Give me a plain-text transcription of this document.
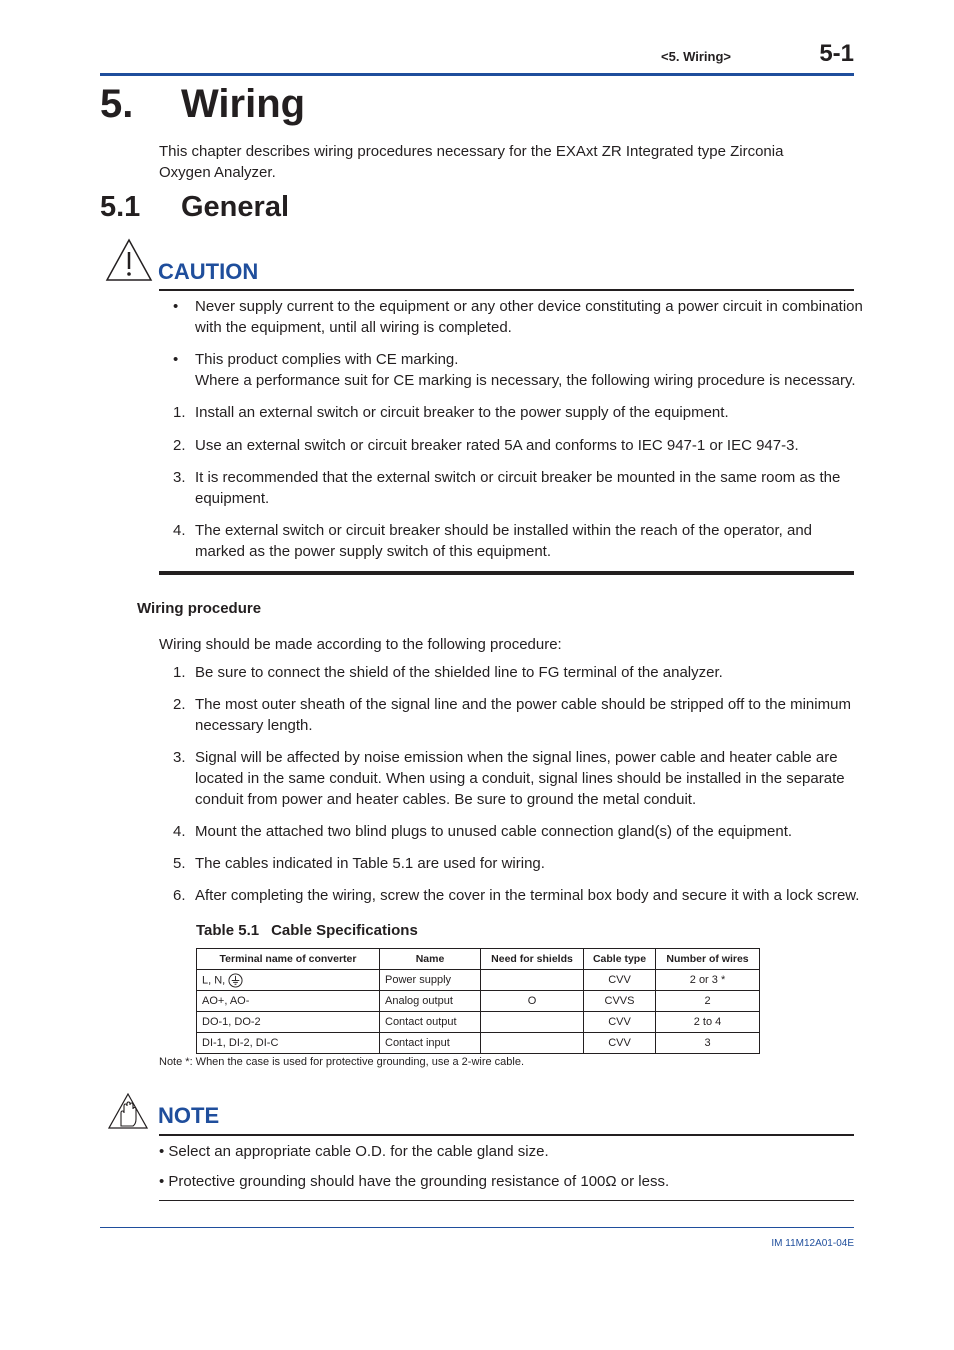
<5. Wiring>	5-1
5. Wiring
This chapter describes wiring procedures necessary for the EXAxt ZR Integrated type Zirconia Oxygen Analyzer.
5.1 General
CAUTION
• Never supply current to the equipment or any other device constituting a power circuit in combination with the equipment, until all wiring is completed.
• This product complies with CE marking.
Where a performance suit for CE marking is necessary, the following wiring procedure is necessary.
1. Install an external switch or circuit breaker to the power supply of the equipment.
2. Use an external switch or circuit breaker rated 5A and conforms to IEC 947-1 or IEC 947-3.
3. It is recommended that the external switch or circuit breaker be mounted in the same room as the equipment.
4. The external switch or circuit breaker should be installed within the reach of the operator, and marked as the power supply switch of this equipment.
Wiring procedure
Wiring should be made according to the following procedure:
1. Be sure to connect the shield of the shielded line to FG terminal of the analyzer.
2. The most outer sheath of the signal line and the power cable should be stripped off to the minimum necessary length.
3. Signal will be affected by noise emission when the signal lines, power cable and heater cable are located in the same conduit. When using a conduit, signal lines should be installed in the separate conduit from power and heater cables. Be sure to ground the metal conduit.
4. Mount the attached two blind plugs to unused cable connection gland(s) of the equipment.
5. The cables indicated in Table 5.1 are used for wiring.
6. After completing the wiring, screw the cover in the terminal box body and secure it with a lock screw.
Table 5.1 Cable Specifications
Terminal name of converter	Name	Need for shields	Cable type	Number of wires
L, N,	Power supply		CVV	2 or 3 *
AO+, AO-	Analog output	O	CVVS	2
DO-1, DO-2	Contact output		CVV	2 to 4
DI-1, DI-2, DI-C	Contact input		CVV	3
Note *: When the case is used for protective grounding, use a 2-wire cable.
NOTE
• Select an appropriate cable O.D. for the cable gland size.
• Protective grounding should have the grounding resistance of 100Ω or less.
IM 11M12A01-04E
